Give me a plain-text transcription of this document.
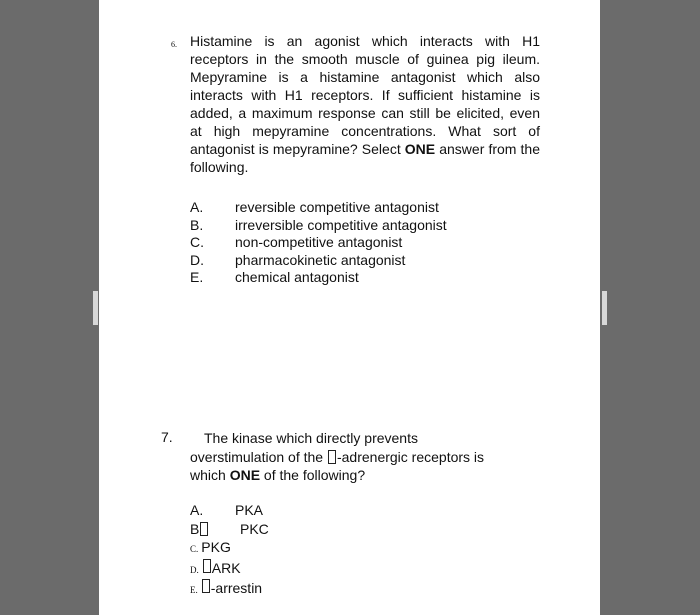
6. Histamine is an agonist which interacts with H1 receptors in the smooth muscle of guinea pig ileum. Mepyramine is a histamine antagonist which also interacts with H1 receptors. If sufficient histamine is added, a maximum response can still be elicited, even at high mepyramine concentrations. What sort of antagonist is mepyramine? Select ONE answer from the following.
A.	reversible competitive antagonist
B.	irreversible competitive antagonist
C.	non-competitive antagonist
D.	pharmacokinetic antagonist
E.	chemical antagonist
7.	The kinase which directly prevents
overstimulation of the -adrenergic receptors is
which ONE of the following?
A.	PKA
B	PKC
C. PKG
D. ARK
E. -arrestin
